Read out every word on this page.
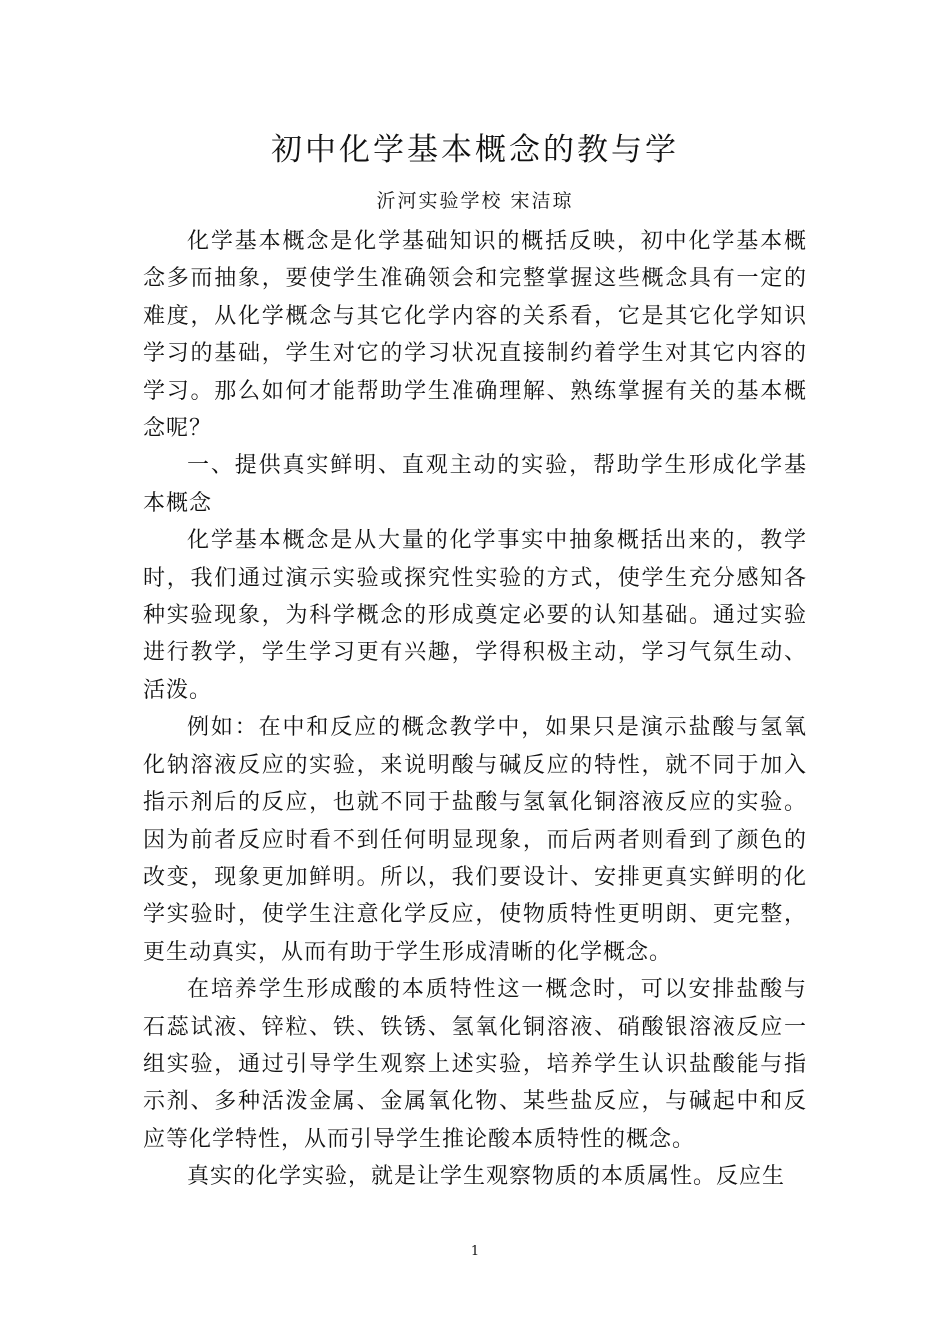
初中化学基本概念的教与学
沂河实验学校 宋洁琼

化学基本概念是化学基础知识的概括反映，初中化学基本概念多而抽象，要使学生准确领会和完整掌握这些概念具有一定的难度，从化学概念与其它化学内容的关系看，它是其它化学知识学习的基础，学生对它的学习状况直接制约着学生对其它内容的学习。那么如何才能帮助学生准确理解、熟练掌握有关的基本概念呢？

一、提供真实鲜明、直观主动的实验，帮助学生形成化学基本概念

化学基本概念是从大量的化学事实中抽象概括出来的，教学时，我们通过演示实验或探究性实验的方式，使学生充分感知各种实验现象，为科学概念的形成奠定必要的认知基础。通过实验进行教学，学生学习更有兴趣，学得积极主动，学习气氛生动、活泼。

例如：在中和反应的概念教学中，如果只是演示盐酸与氢氧化钠溶液反应的实验，来说明酸与碱反应的特性，就不同于加入指示剂后的反应，也就不同于盐酸与氢氧化铜溶液反应的实验。因为前者反应时看不到任何明显现象，而后两者则看到了颜色的改变，现象更加鲜明。所以，我们要设计、安排更真实鲜明的化学实验时，使学生注意化学反应，使物质特性更明朗、更完整，更生动真实，从而有助于学生形成清晰的化学概念。

在培养学生形成酸的本质特性这一概念时，可以安排盐酸与石蕊试液、锌粒、铁、铁锈、氢氧化铜溶液、硝酸银溶液反应一组实验，通过引导学生观察上述实验，培养学生认识盐酸能与指示剂、多种活泼金属、金属氧化物、某些盐反应，与碱起中和反应等化学特性，从而引导学生推论酸本质特性的概念。

真实的化学实验，就是让学生观察物质的本质属性。反应生

1
